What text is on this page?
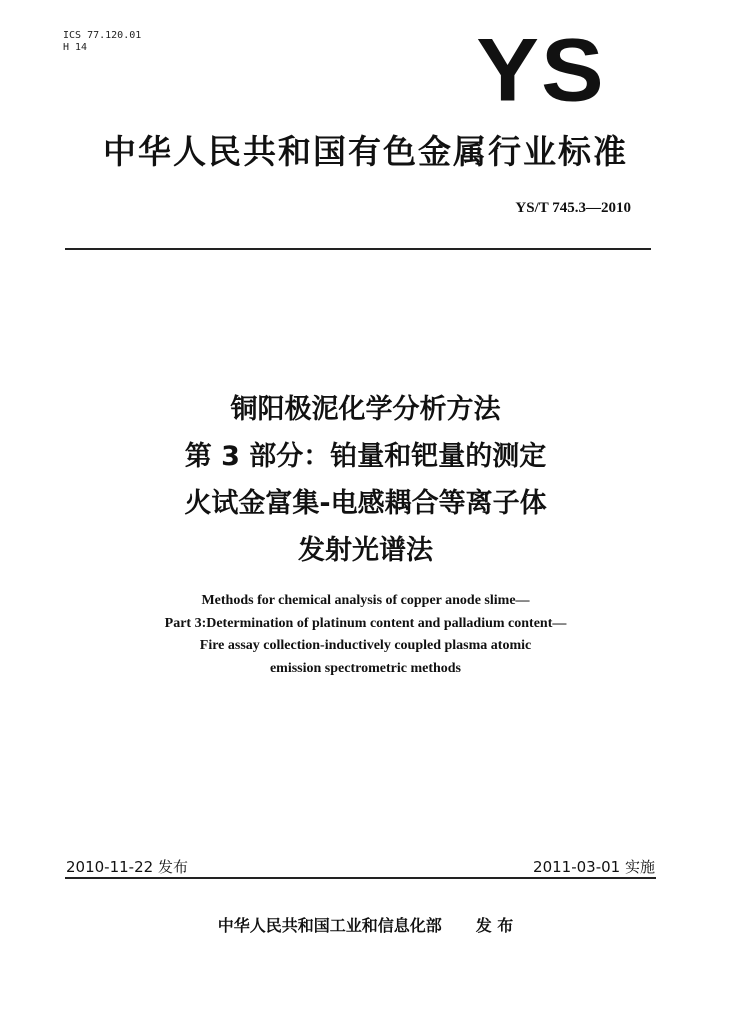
ICS 77.120.01
H 14	YS
中华人民共和国有色金属行业标准
YS/T 745.3—2010
铜阳极泥化学分析方法
第 3 部分：铂量和钯量的测定
火试金富集-电感耦合等离子体
发射光谱法
Methods for chemical analysis of copper anode slime—
Part 3:Determination of platinum content and palladium content—
Fire assay collection-inductively coupled plasma atomic
emission spectrometric methods
2010-11-22 发布	2011-03-01 实施
中华人民共和国工业和信息化部 发 布
